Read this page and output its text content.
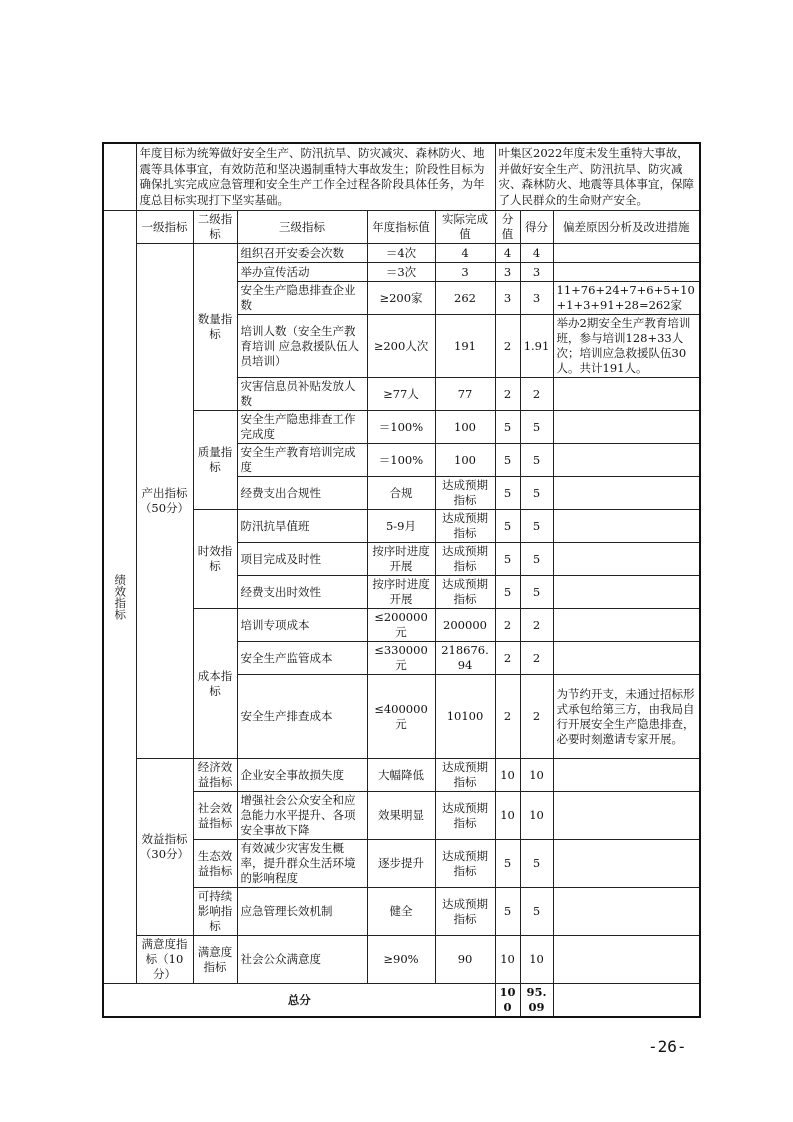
	年度目标为统筹做好安全生产、防汛抗旱、防灾减灾、森林防火、地震等具体事宜，有效防范和坚决遏制重特大事故发生；阶段性目标为确保扎实完成应急管理和安全生产工作全过程各阶段具体任务，为年度总目标实现打下坚实基础。					叶集区2022年度未发生重特大事故，并做好安全生产、防汛抗旱、防灾减灾、森林防火、地震等具体事宜，保障了人民群众的生命财产安全。		
绩效指标	一级指标	二级指标	三级指标	年度指标值	实际完成值	分值	得分	偏差原因分析及改进措施
	产出指标（50分）	数量指标	组织召开安委会次数	＝4次	4	4	4	
			举办宣传活动	＝3次	3	3	3	
			安全生产隐患排查企业数	≥200家	262	3	3	11+76+24+7+6+5+10+1+3+91+28=262家
			培训人数（安全生产教育培训 应急救援队伍人员培训）	≥200人次	191	2	1.91	举办2期安全生产教育培训班，参与培训128+33人次；培训应急救援队伍30人。共计191人。
			灾害信息员补贴发放人数	≥77人	77	2	2	
		质量指标	安全生产隐患排查工作完成度	＝100%	100	5	5	
			安全生产教育培训完成度	＝100%	100	5	5	
			经费支出合规性	合规	达成预期指标	5	5	
		时效指标	防汛抗旱值班	5-9月	达成预期指标	5	5	
			项目完成及时性	按序时进度开展	达成预期指标	5	5	
			经费支出时效性	按序时进度开展	达成预期指标	5	5	
		成本指标	培训专项成本	≤200000元	200000	2	2	
			安全生产监管成本	≤330000元	218676.94	2	2	
			安全生产排查成本	≤400000元	10100	2	2	为节约开支，未通过招标形式承包给第三方，由我局自行开展安全生产隐患排查，必要时刻邀请专家开展。
	效益指标（30分）	经济效益指标	企业安全事故损失度	大幅降低	达成预期指标	10	10	
		社会效益指标	增强社会公众安全和应急能力水平提升、各项安全事故下降	效果明显	达成预期指标	10	10	
		生态效益指标	有效减少灾害发生概率，提升群众生活环境的影响程度	逐步提升	达成预期指标	5	5	
		可持续影响指标	应急管理长效机制	健全	达成预期指标	5	5	
	满意度指标（10分）	满意度指标	社会公众满意度	≥90%	90	10	10	
总分						100	95.09	
-26-
